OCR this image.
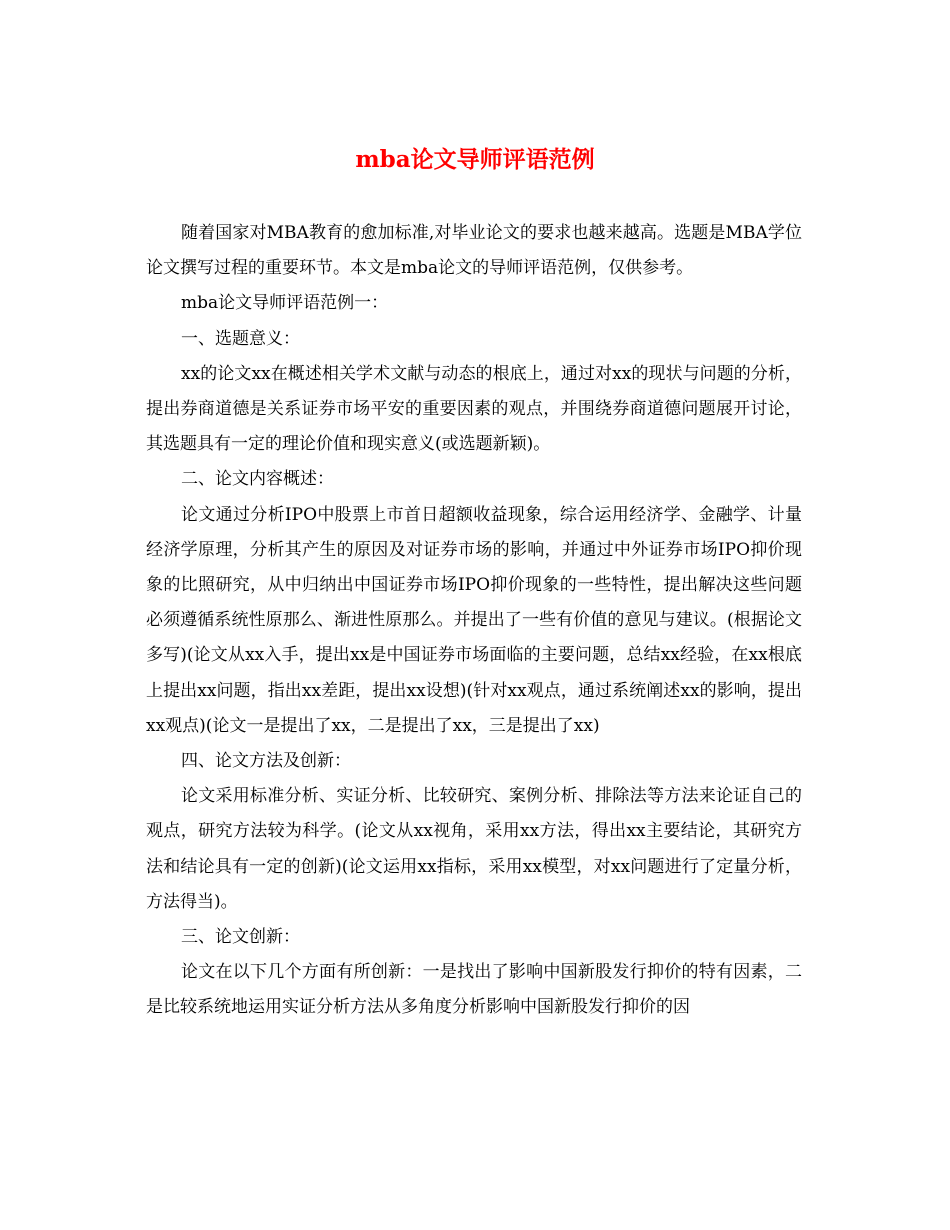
mba论文导师评语范例

随着国家对MBA教育的愈加标准,对毕业论文的要求也越来越高。选题是MBA学位论文撰写过程的重要环节。本文是mba论文的导师评语范例，仅供参考。

mba论文导师评语范例一：

一、选题意义：

xx的论文xx在概述相关学术文献与动态的根底上，通过对xx的现状与问题的分析，提出券商道德是关系证券市场平安的重要因素的观点，并围绕券商道德问题展开讨论，其选题具有一定的理论价值和现实意义(或选题新颖)。

二、论文内容概述：

论文通过分析IPO中股票上市首日超额收益现象，综合运用经济学、金融学、计量经济学原理，分析其产生的原因及对证券市场的影响，并通过中外证券市场IPO抑价现象的比照研究，从中归纳出中国证券市场IPO抑价现象的一些特性，提出解决这些问题必须遵循系统性原那么、渐进性原那么。并提出了一些有价值的意见与建议。(根据论文多写)(论文从xx入手，提出xx是中国证券市场面临的主要问题，总结xx经验，在xx根底上提出xx问题，指出xx差距，提出xx设想)(针对xx观点，通过系统阐述xx的影响，提出xx观点)(论文一是提出了xx，二是提出了xx，三是提出了xx)

四、论文方法及创新：

论文采用标准分析、实证分析、比较研究、案例分析、排除法等方法来论证自己的观点，研究方法较为科学。(论文从xx视角，采用xx方法，得出xx主要结论，其研究方法和结论具有一定的创新)(论文运用xx指标，采用xx模型，对xx问题进行了定量分析，方法得当)。

三、论文创新：

论文在以下几个方面有所创新：一是找出了影响中国新股发行抑价的特有因素，二是比较系统地运用实证分析方法从多角度分析影响中国新股发行抑价的因
